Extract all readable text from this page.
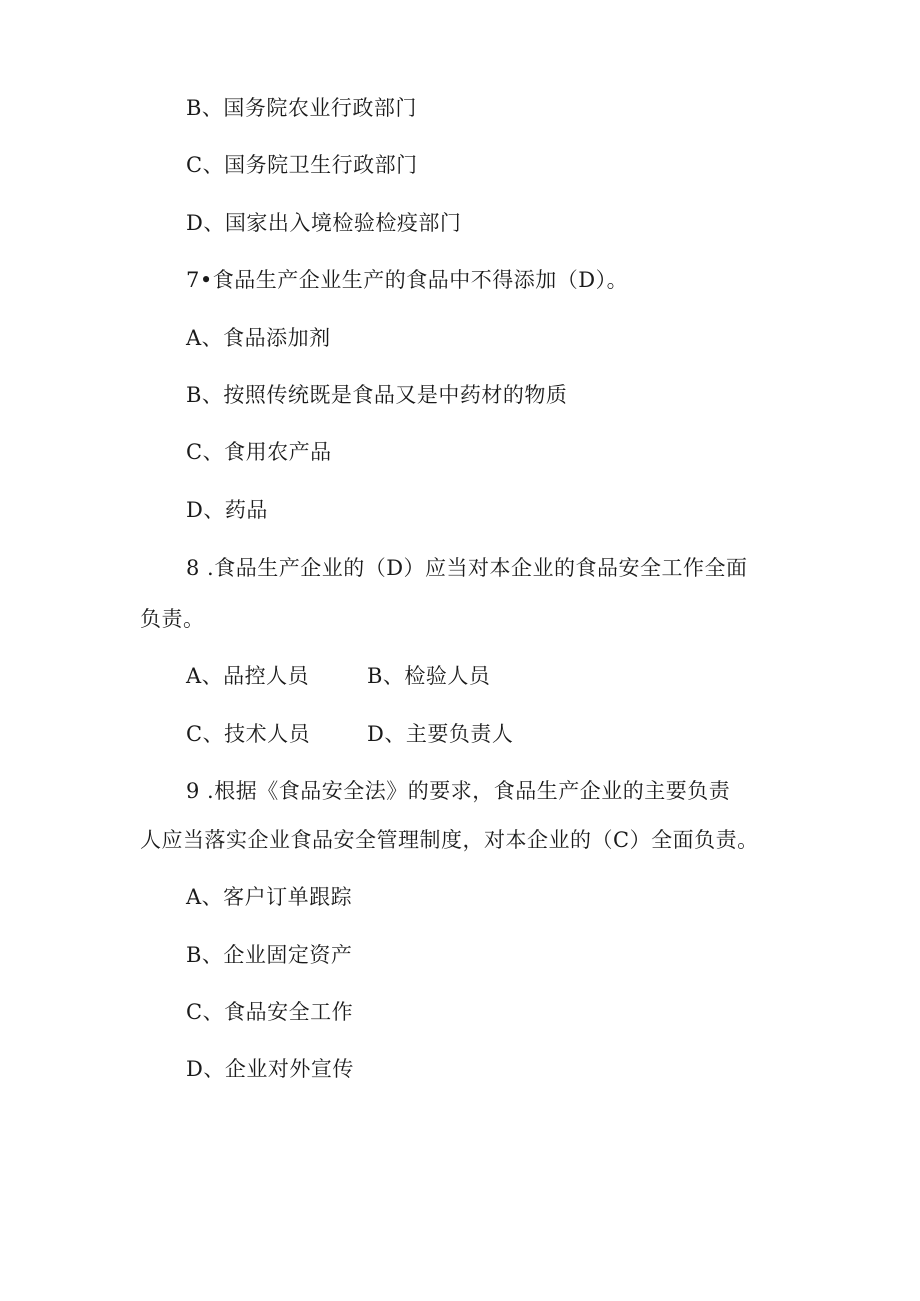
B、国务院农业行政部门
C、国务院卫生行政部门
D、国家出入境检验检疫部门
7•食品生产企业生产的食品中不得添加（D）。
A、食品添加剂
B、按照传统既是食品又是中药材的物质
C、食用农产品
D、药品
8 .食品生产企业的（D）应当对本企业的食品安全工作全面
负责。
A、品控人员	B、检验人员
C、技术人员	D、主要负责人
9 .根据《食品安全法》的要求，食品生产企业的主要负责
人应当落实企业食品安全管理制度，对本企业的（C）全面负责。
A、客户订单跟踪
B、企业固定资产
C、食品安全工作
D、企业对外宣传
